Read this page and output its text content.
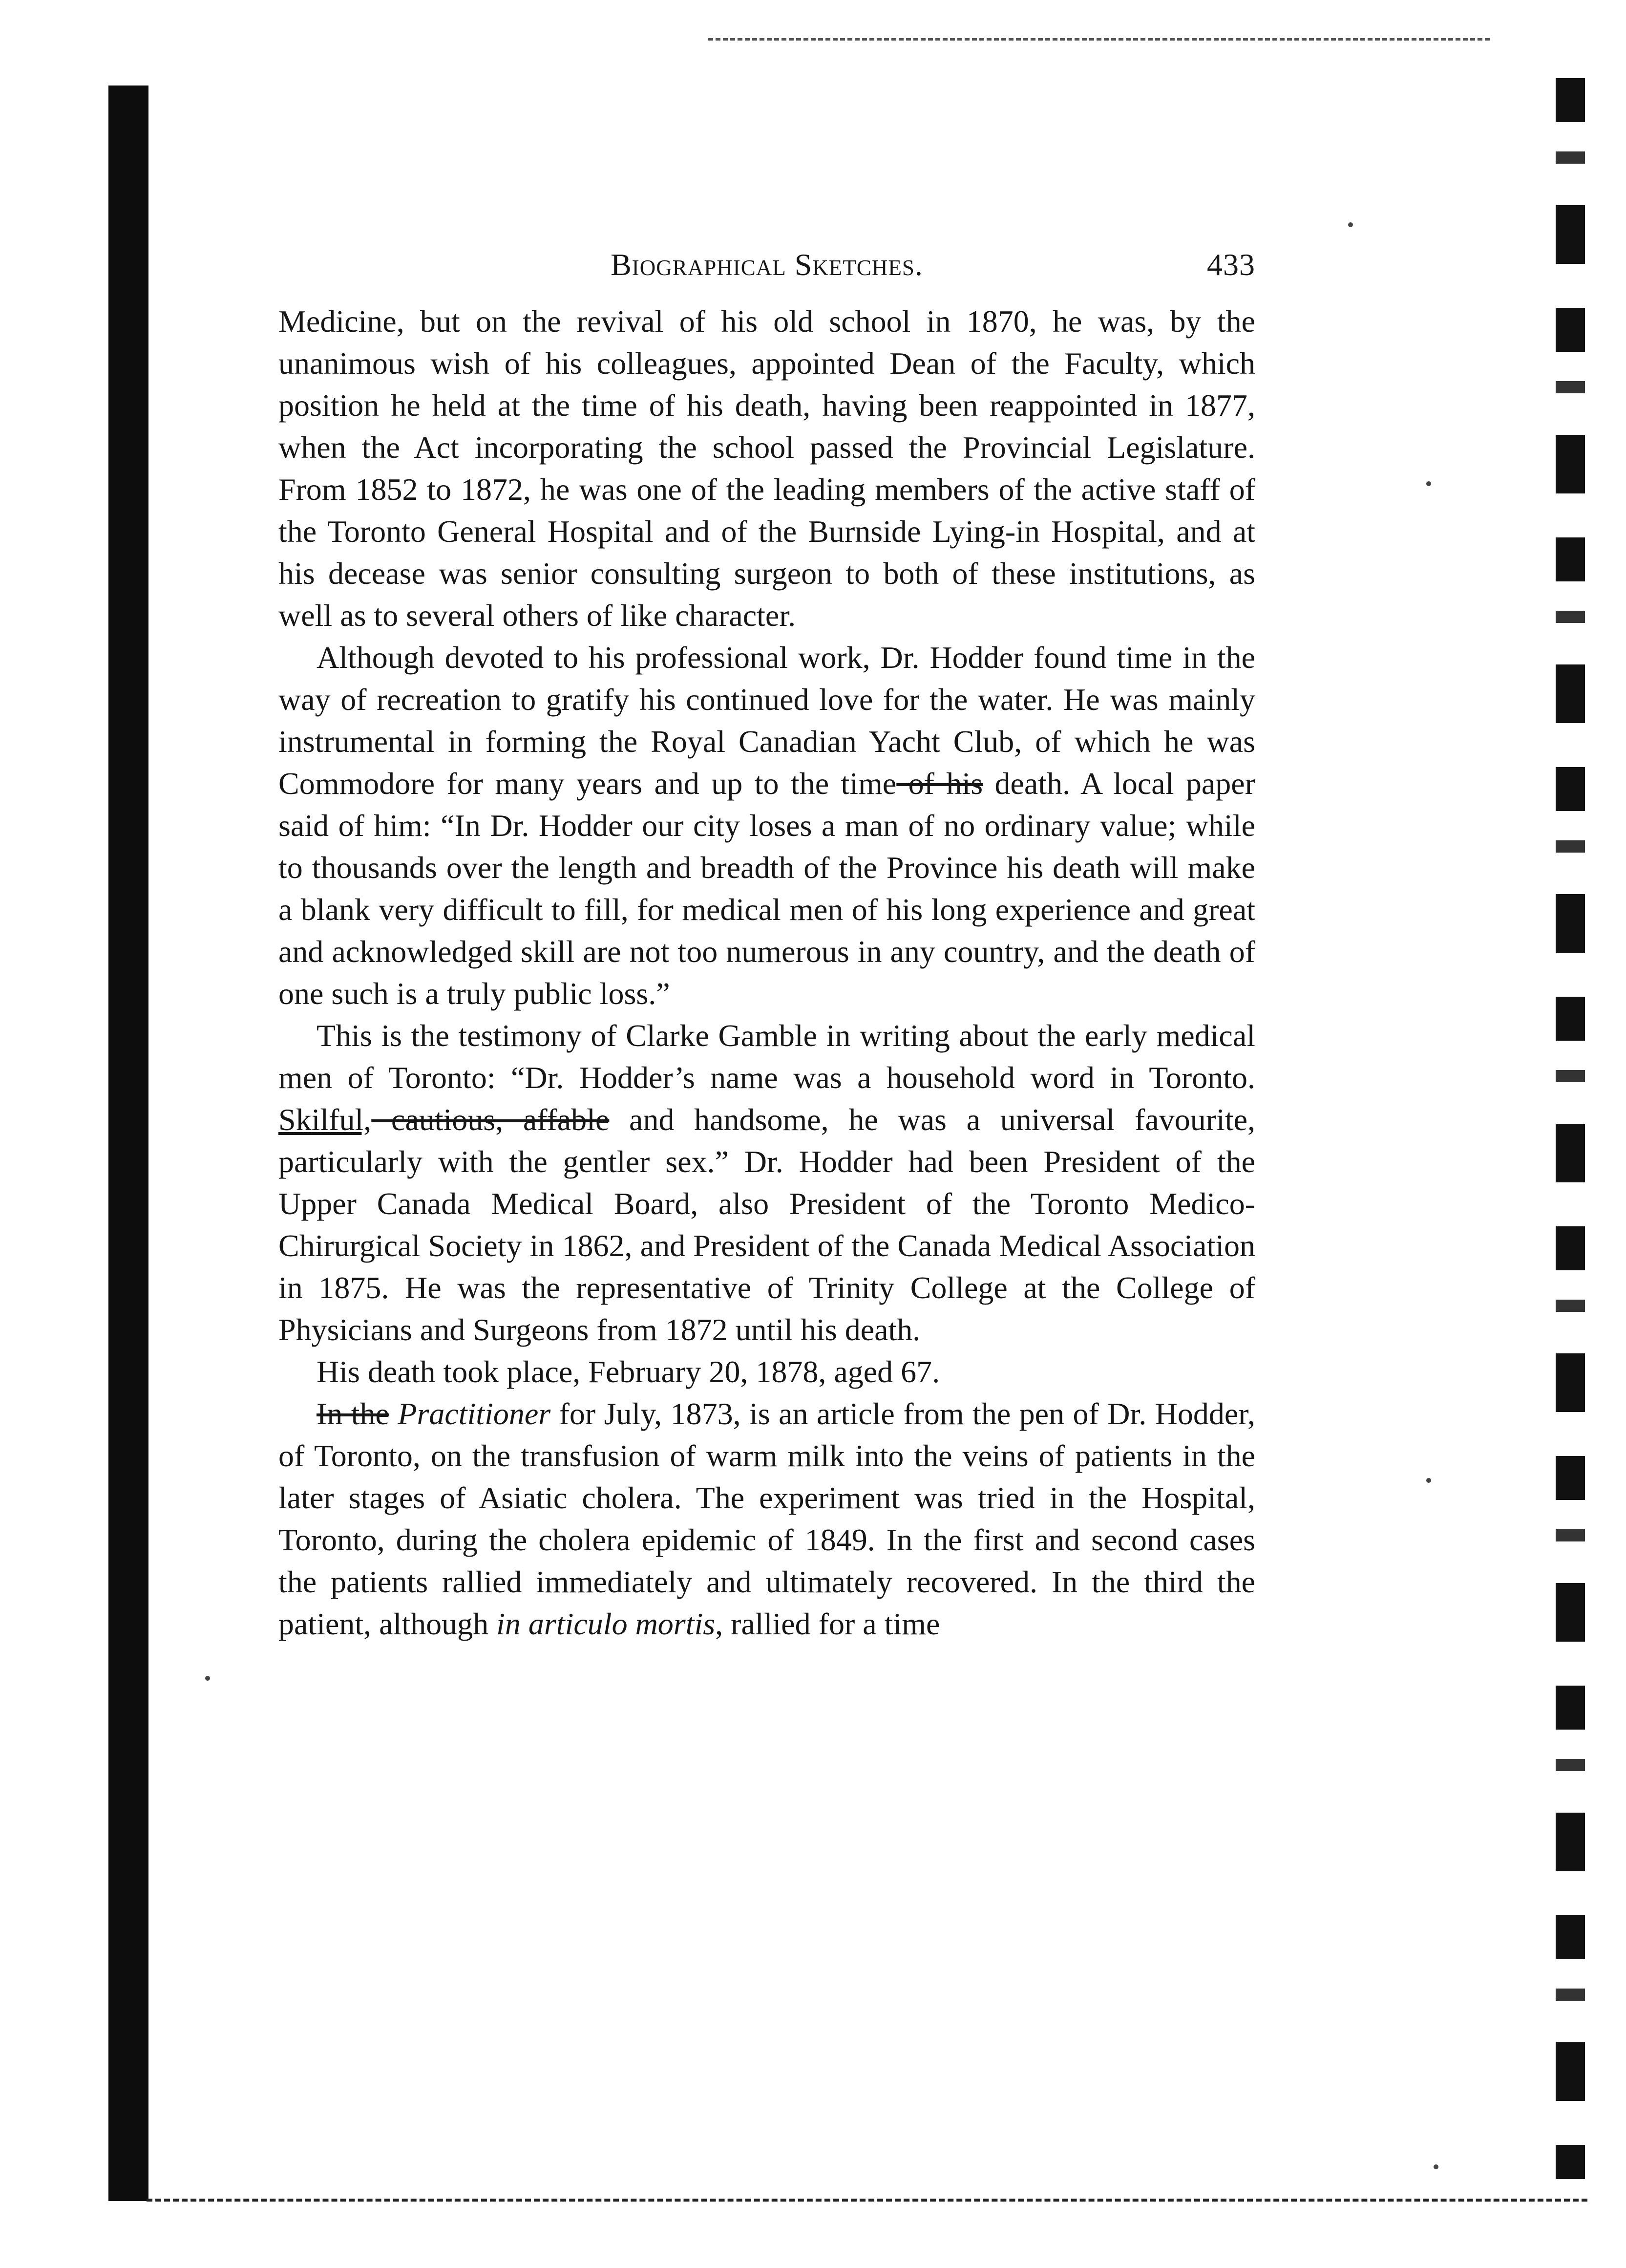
Biographical Sketches.	433

Medicine, but on the revival of his old school in 1870, he was, by the unanimous wish of his colleagues, appointed Dean of the Faculty, which position he held at the time of his death, having been reappointed in 1877, when the Act incorporating the school passed the Provincial Legislature. From 1852 to 1872, he was one of the leading members of the active staff of the Toronto General Hospital and of the Burnside Lying-in Hospital, and at his decease was senior consulting surgeon to both of these institutions, as well as to several others of like character.

Although devoted to his professional work, Dr. Hodder found time in the way of recreation to gratify his continued love for the water. He was mainly instrumental in forming the Royal Canadian Yacht Club, of which he was Commodore for many years and up to the time of his death. A local paper said of him: “In Dr. Hodder our city loses a man of no ordinary value; while to thousands over the length and breadth of the Province his death will make a blank very difficult to fill, for medical men of his long experience and great and acknowledged skill are not too numerous in any country, and the death of one such is a truly public loss.”

This is the testimony of Clarke Gamble in writing about the early medical men of Toronto: “Dr. Hodder’s name was a household word in Toronto. Skilful, cautious, affable and handsome, he was a universal favourite, particularly with the gentler sex.” Dr. Hodder had been President of the Upper Canada Medical Board, also President of the Toronto Medico-Chirurgical Society in 1862, and President of the Canada Medical Association in 1875. He was the representative of Trinity College at the College of Physicians and Surgeons from 1872 until his death.

His death took place, February 20, 1878, aged 67.

In the Practitioner for July, 1873, is an article from the pen of Dr. Hodder, of Toronto, on the transfusion of warm milk into the veins of patients in the later stages of Asiatic cholera. The experiment was tried in the Hospital, Toronto, during the cholera epidemic of 1849. In the first and second cases the patients rallied immediately and ultimately recovered. In the third the patient, although in articulo mortis, rallied for a time
